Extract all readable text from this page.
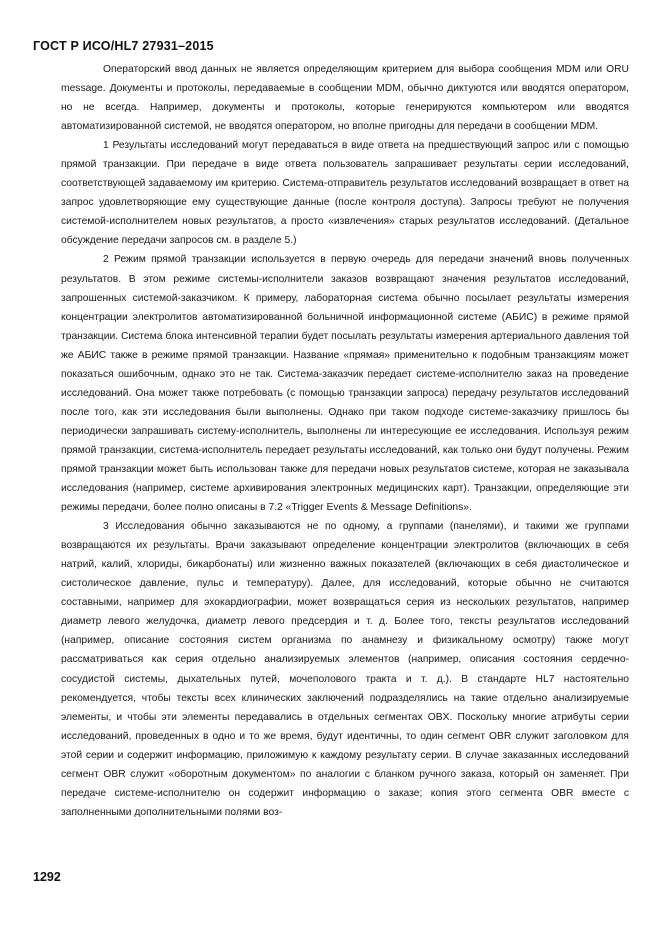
ГОСТ Р ИСО/HL7 27931–2015

Операторский ввод данных не является определяющим критерием для выбора сообщения MDM или ORU message. Документы и протоколы, передаваемые в сообщении MDM, обычно диктуются или вводятся оператором, но не всегда. Например, документы и протоколы, которые генерируются компьютером или вводятся автоматизированной системой, не вводятся оператором, но вполне пригодны для передачи в сообщении MDM.

1 Результаты исследований могут передаваться в виде ответа на предшествующий запрос или с помощью прямой транзакции. При передаче в виде ответа пользователь запрашивает результаты серии исследований, соответствующей задаваемому им критерию. Система-отправитель результатов исследований возвращает в ответ на запрос удовлетворяющие ему существующие данные (после контроля доступа). Запросы требуют не получения системой-исполнителем новых результатов, а просто «извлечения» старых результатов исследований. (Детальное обсуждение передачи запросов см. в разделе 5.)

2 Режим прямой транзакции используется в первую очередь для передачи значений вновь полученных результатов. В этом режиме системы-исполнители заказов возвращают значения результатов исследований, запрошенных системой-заказчиком. К примеру, лабораторная система обычно посылает результаты измерения концентрации электролитов автоматизированной больничной информационной системе (АБИС) в режиме прямой транзакции. Система блока интенсивной терапии будет посылать результаты измерения артериального давления той же АБИС также в режиме прямой транзакции. Название «прямая» применительно к подобным транзакциям может показаться ошибочным, однако это не так. Система-заказчик передает системе-исполнителю заказ на проведение исследований. Она может также потребовать (с помощью транзакции запроса) передачу результатов исследований после того, как эти исследования были выполнены. Однако при таком подходе системе-заказчику пришлось бы периодически запрашивать систему-исполнитель, выполнены ли интересующие ее исследования. Используя режим прямой транзакции, система-исполнитель передает результаты исследований, как только они будут получены. Режим прямой транзакции может быть использован также для передачи новых результатов системе, которая не заказывала исследования (например, системе архивирования электронных медицинских карт). Транзакции, определяющие эти режимы передачи, более полно описаны в 7.2 «Trigger Events & Message Definitions».

3 Исследования обычно заказываются не по одному, а группами (панелями), и такими же группами возвращаются их результаты. Врачи заказывают определение концентрации электролитов (включающих в себя натрий, калий, хлориды, бикарбонаты) или жизненно важных показателей (включающих в себя диастолическое и систолическое давление, пульс и температуру). Далее, для исследований, которые обычно не считаются составными, например для эхокардиографии, может возвращаться серия из нескольких результатов, например диаметр левого желудочка, диаметр левого предсердия и т. д. Более того, тексты результатов исследований (например, описание состояния систем организма по анамнезу и физикальному осмотру) также могут рассматриваться как серия отдельно анализируемых элементов (например, описания состояния сердечно-сосудистой системы, дыхательных путей, мочеполового тракта и т. д.). В стандарте HL7 настоятельно рекомендуется, чтобы тексты всех клинических заключений подразделялись на такие отдельно анализируемые элементы, и чтобы эти элементы передавались в отдельных сегментах OBX. Поскольку многие атрибуты серии исследований, проведенных в одно и то же время, будут идентичны, то один сегмент OBR служит заголовком для этой серии и содержит информацию, приложимую к каждому результату серии. В случае заказанных исследований сегмент OBR служит «оборотным документом» по аналогии с бланком ручного заказа, который он заменяет. При передаче системе-исполнителю он содержит информацию о заказе; копия этого сегмента OBR вместе с заполненными дополнительными полями воз-

1292
